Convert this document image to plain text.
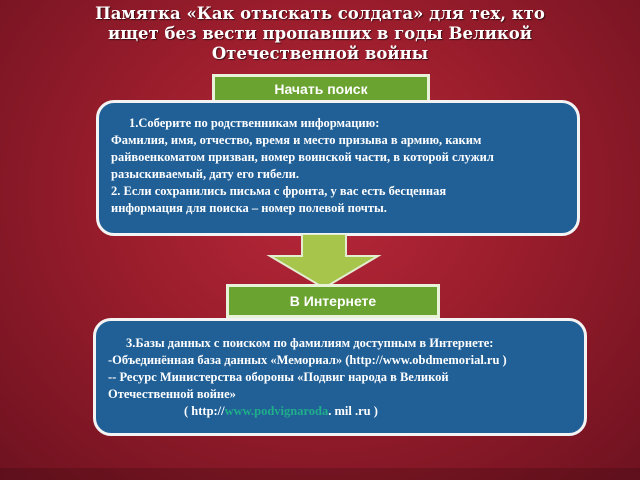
Памятка «Как отыскать солдата» для тех, кто
ищет без вести пропавших в годы Великой
Отечественной войны
Начать поиск
1.Соберите по родственникам информацию:
Фамилия, имя, отчество, время и место призыва в армию, каким
райвоенкоматом призван, номер воинской части, в которой служил
разыскиваемый, дату его гибели.
2. Если сохранились письма с фронта, у вас есть бесценная
информация для поиска – номер полевой почты.
В Интернете
3.Базы данных с поиском по фамилиям доступным в Интернете:
-Объединённая база данных «Мемориал» (http://www.obdmemorial.ru )
-- Ресурс Министерства обороны «Подвиг народа в Великой
Отечественной войне»
( http://www.podvignaroda. mil .ru )
